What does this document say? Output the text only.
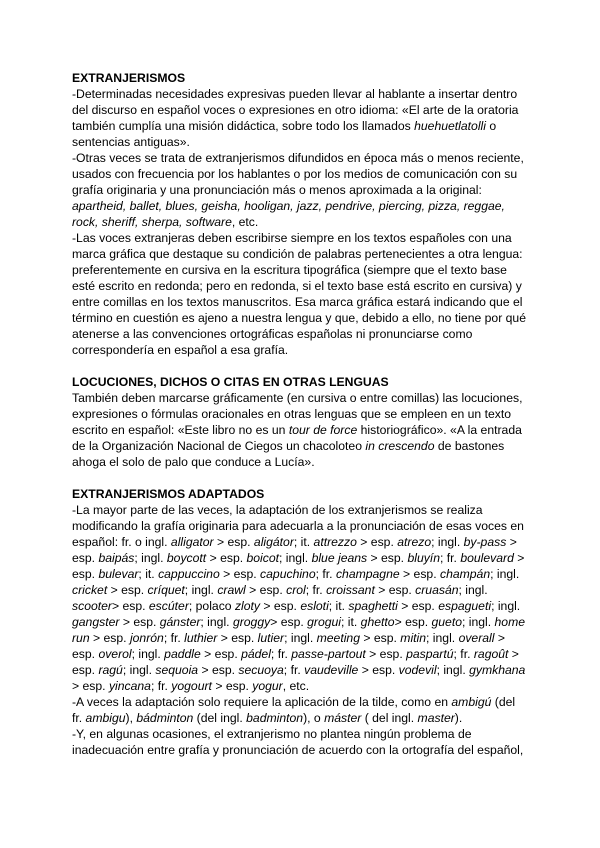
EXTRANJERISMOS

-Determinadas necesidades expresivas pueden llevar al hablante a insertar dentro del discurso en español voces o expresiones en otro idioma: «El arte de la oratoria también cumplía una misión didáctica, sobre todo los llamados huehuetlatolli o sentencias antiguas».

-Otras veces se trata de extranjerismos difundidos en época más o menos reciente, usados con frecuencia por los hablantes o por los medios de comunicación con su grafía originaria y una pronunciación más o menos aproximada a la original: apartheid, ballet, blues, geisha, hooligan, jazz, pendrive, piercing, pizza, reggae, rock, sheriff, sherpa, software, etc.

-Las voces extranjeras deben escribirse siempre en los textos españoles con una marca gráfica que destaque su condición de palabras pertenecientes a otra lengua: preferentemente en cursiva en la escritura tipográfica (siempre que el texto base esté escrito en redonda; pero en redonda, si el texto base está escrito en cursiva) y entre comillas en los textos manuscritos. Esa marca gráfica estará indicando que el término en cuestión es ajeno a nuestra lengua y que, debido a ello, no tiene por qué atenerse a las convenciones ortográficas españolas ni pronunciarse como correspondería en español a esa grafía.

LOCUCIONES, DICHOS O CITAS EN OTRAS LENGUAS

También deben marcarse gráficamente (en cursiva o entre comillas) las locuciones, expresiones o fórmulas oracionales en otras lenguas que se empleen en un texto escrito en español: «Este libro no es un tour de force historiográfico». «A la entrada de la Organización Nacional de Ciegos un chacoloteo in crescendo de bastones ahoga el solo de palo que conduce a Lucía».

EXTRANJERISMOS ADAPTADOS

-La mayor parte de las veces, la adaptación de los extranjerismos se realiza modificando la grafía originaria para adecuarla a la pronunciación de esas voces en español: fr. o ingl. alligator > esp. aligátor; it. attrezzo > esp. atrezo; ingl. by-pass > esp. baipás; ingl. boycott > esp. boicot; ingl. blue jeans > esp. bluyín; fr. boulevard > esp. bulevar; it. cappuccino > esp. capuchino; fr. champagne > esp. champán; ingl. cricket > esp. críquet; ingl. crawl > esp. crol; fr. croissant > esp. cruasán; ingl. scooter> esp. escúter; polaco zloty > esp. esloti; it. spaghetti > esp. espagueti; ingl. gangster > esp. gánster; ingl. groggy> esp. grogui; it. ghetto> esp. gueto; ingl. home run > esp. jonrón; fr. luthier > esp. lutier; ingl. meeting > esp. mitin; ingl. overall > esp. overol; ingl. paddle > esp. pádel; fr. passe-partout > esp. paspartú; fr. ragoût > esp. ragú; ingl. sequoia > esp. secuoya; fr. vaudeville > esp. vodevil; ingl. gymkhana > esp. yincana; fr. yogourt > esp. yogur, etc.

-A veces la adaptación solo requiere la aplicación de la tilde, como en ambigú (del fr. ambigu), bádminton (del ingl. badminton), o máster ( del ingl. master).

-Y, en algunas ocasiones, el extranjerismo no plantea ningún problema de inadecuación entre grafía y pronunciación de acuerdo con la ortografía del español,
